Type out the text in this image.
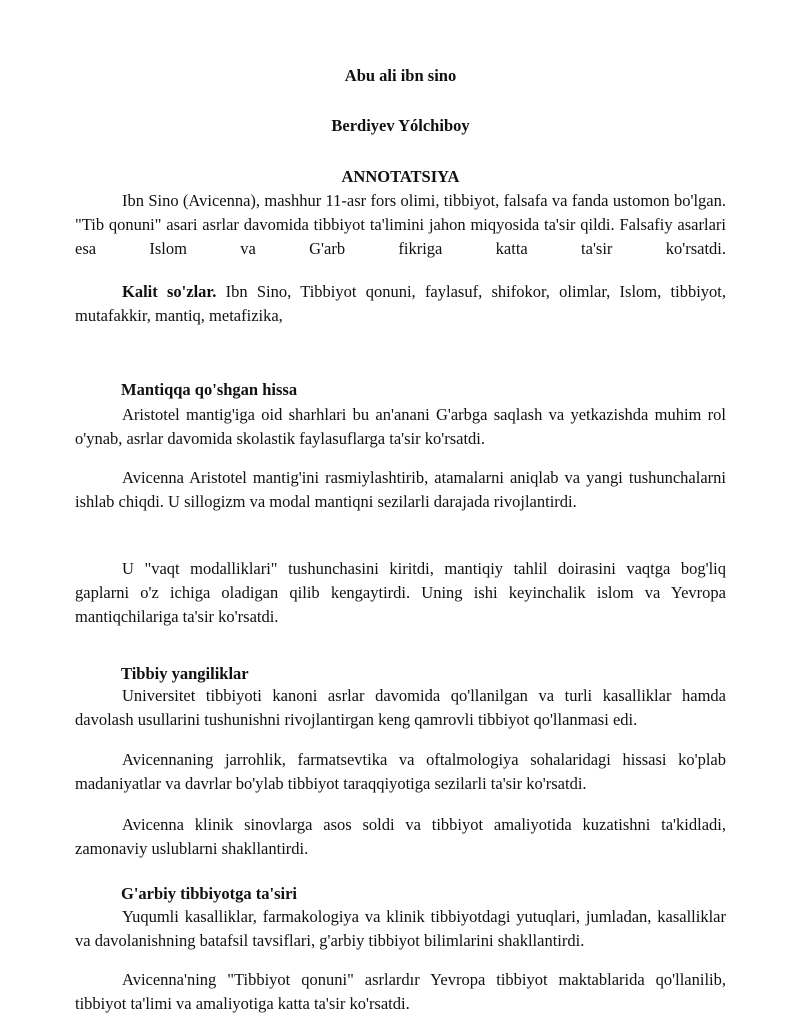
Abu ali ibn sino
Berdiyev Yólchiboy
ANNOTATSIYA

Ibn Sino (Avicenna), mashhur 11-asr fors olimi, tibbiyot, falsafa va fanda ustomon bo'lgan. "Tib qonuni" asari asrlar davomida tibbiyot ta'limini jahon miqyosida ta'sir qildi. Falsafiy asarlari esa Islom va G'arb fikriga katta ta'sir ko'rsatdi.

Kalit so'zlar. Ibn Sino, Tibbiyot qonuni, faylasuf, shifokor, olimlar, Islom, tibbiyot, mutafakkir, mantiq, metafizika,

Mantiqqa qo'shgan hissa

Aristotel mantig'iga oid sharhlari bu an'anani G'arbga saqlash va yetkazishda muhim rol o'ynab, asrlar davomida skolastik faylasuflarga ta'sir ko'rsatdi.

Avicenna Aristotel mantig'ini rasmiylashtirib, atamalarni aniqlab va yangi tushunchalarni ishlab chiqdi. U sillogizm va modal mantiqni sezilarli darajada rivojlantirdi.

U "vaqt modalliklari" tushunchasini kiritdi, mantiqiy tahlil doirasini vaqtga bog'liq gaplarni o'z ichiga oladigan qilib kengaytirdi. Uning ishi keyinchalik islom va Yevropa mantiqchilariga ta'sir ko'rsatdi.

Tibbiy yangiliklar

Universitet tibbiyoti kanoni asrlar davomida qo'llanilgan va turli kasalliklar hamda davolash usullarini tushunishni rivojlantirgan keng qamrovli tibbiyot qo'llanmasi edi.

Avicennaning jarrohlik, farmatsevtika va oftalmologiya sohalaridagi hissasi ko'plab madaniyatlar va davrlar bo'ylab tibbiyot taraqqiyotiga sezilarli ta'sir ko'rsatdi.

Avicenna klinik sinovlarga asos soldi va tibbiyot amaliyotida kuzatishni ta'kidladi, zamonaviy uslublarni shakllantirdi.

G'arbiy tibbiyotga ta'siri

Yuqumli kasalliklar, farmakologiya va klinik tibbiyotdagi yutuqlari, jumladan, kasalliklar va davolanishning batafsil tavsiflari, g'arbiy tibbiyot bilimlarini shakllantirdi.

Avicenna'ning "Tibbiyot qonuni" asrlardır Yevropa tibbiyot maktablarida qo'llanilib, tibbiyot ta'limi va amaliyotiga katta ta'sir ko'rsatdi.
